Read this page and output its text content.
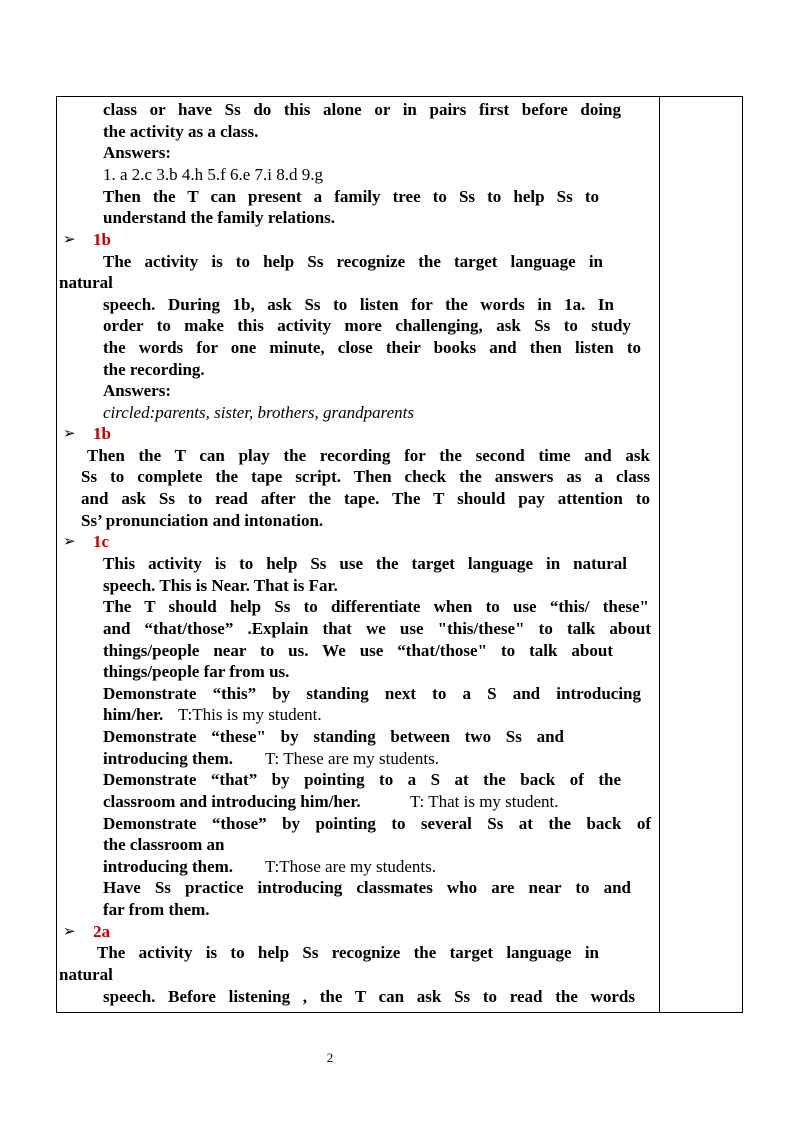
class or have Ss do this alone or in pairs first before doing
the activity as a class.
Answers:
1. a 2.c 3.b 4.h 5.f 6.e 7.i 8.d 9.g
Then the T can present a family tree to Ss to help Ss to
understand the family relations.
➢ 1b
The activity is to help Ss recognize the target language in
natural
speech. During 1b, ask Ss to listen for the words in 1a. In
order to make this activity more challenging, ask Ss to study
the words for one minute, close their books and then listen to
the recording.
Answers:
circled:parents, sister, brothers, grandparents
➢ 1b
Then the T can play the recording for the second time and ask
Ss to complete the tape script. Then check the answers as a class
and ask Ss to read after the tape. The T should pay attention to
Ss’ pronunciation and intonation.
➢ 1c
This activity is to help Ss use the target language in natural
speech. This is Near. That is Far.
The T should help Ss to differentiate when to use “this/ these"
and “that/those” .Explain that we use "this/these" to talk about
things/people near to us. We use “that/those" to talk about
things/people far from us.
Demonstrate “this” by standing next to a S and introducing
him/her. T:This is my student.
Demonstrate “these" by standing between two Ss and
introducing them. T: These are my students.
Demonstrate “that” by pointing to a S at the back of the
classroom and introducing him/her.	T: That is my student.
Demonstrate “those” by pointing to several Ss at the back of
the classroom an
introducing them. T:Those are my students.
Have Ss practice introducing classmates who are near to and
far from them.
➢ 2a
The activity is to help Ss recognize the target language in
natural
speech. Before listening , the T can ask Ss to read the words
2
